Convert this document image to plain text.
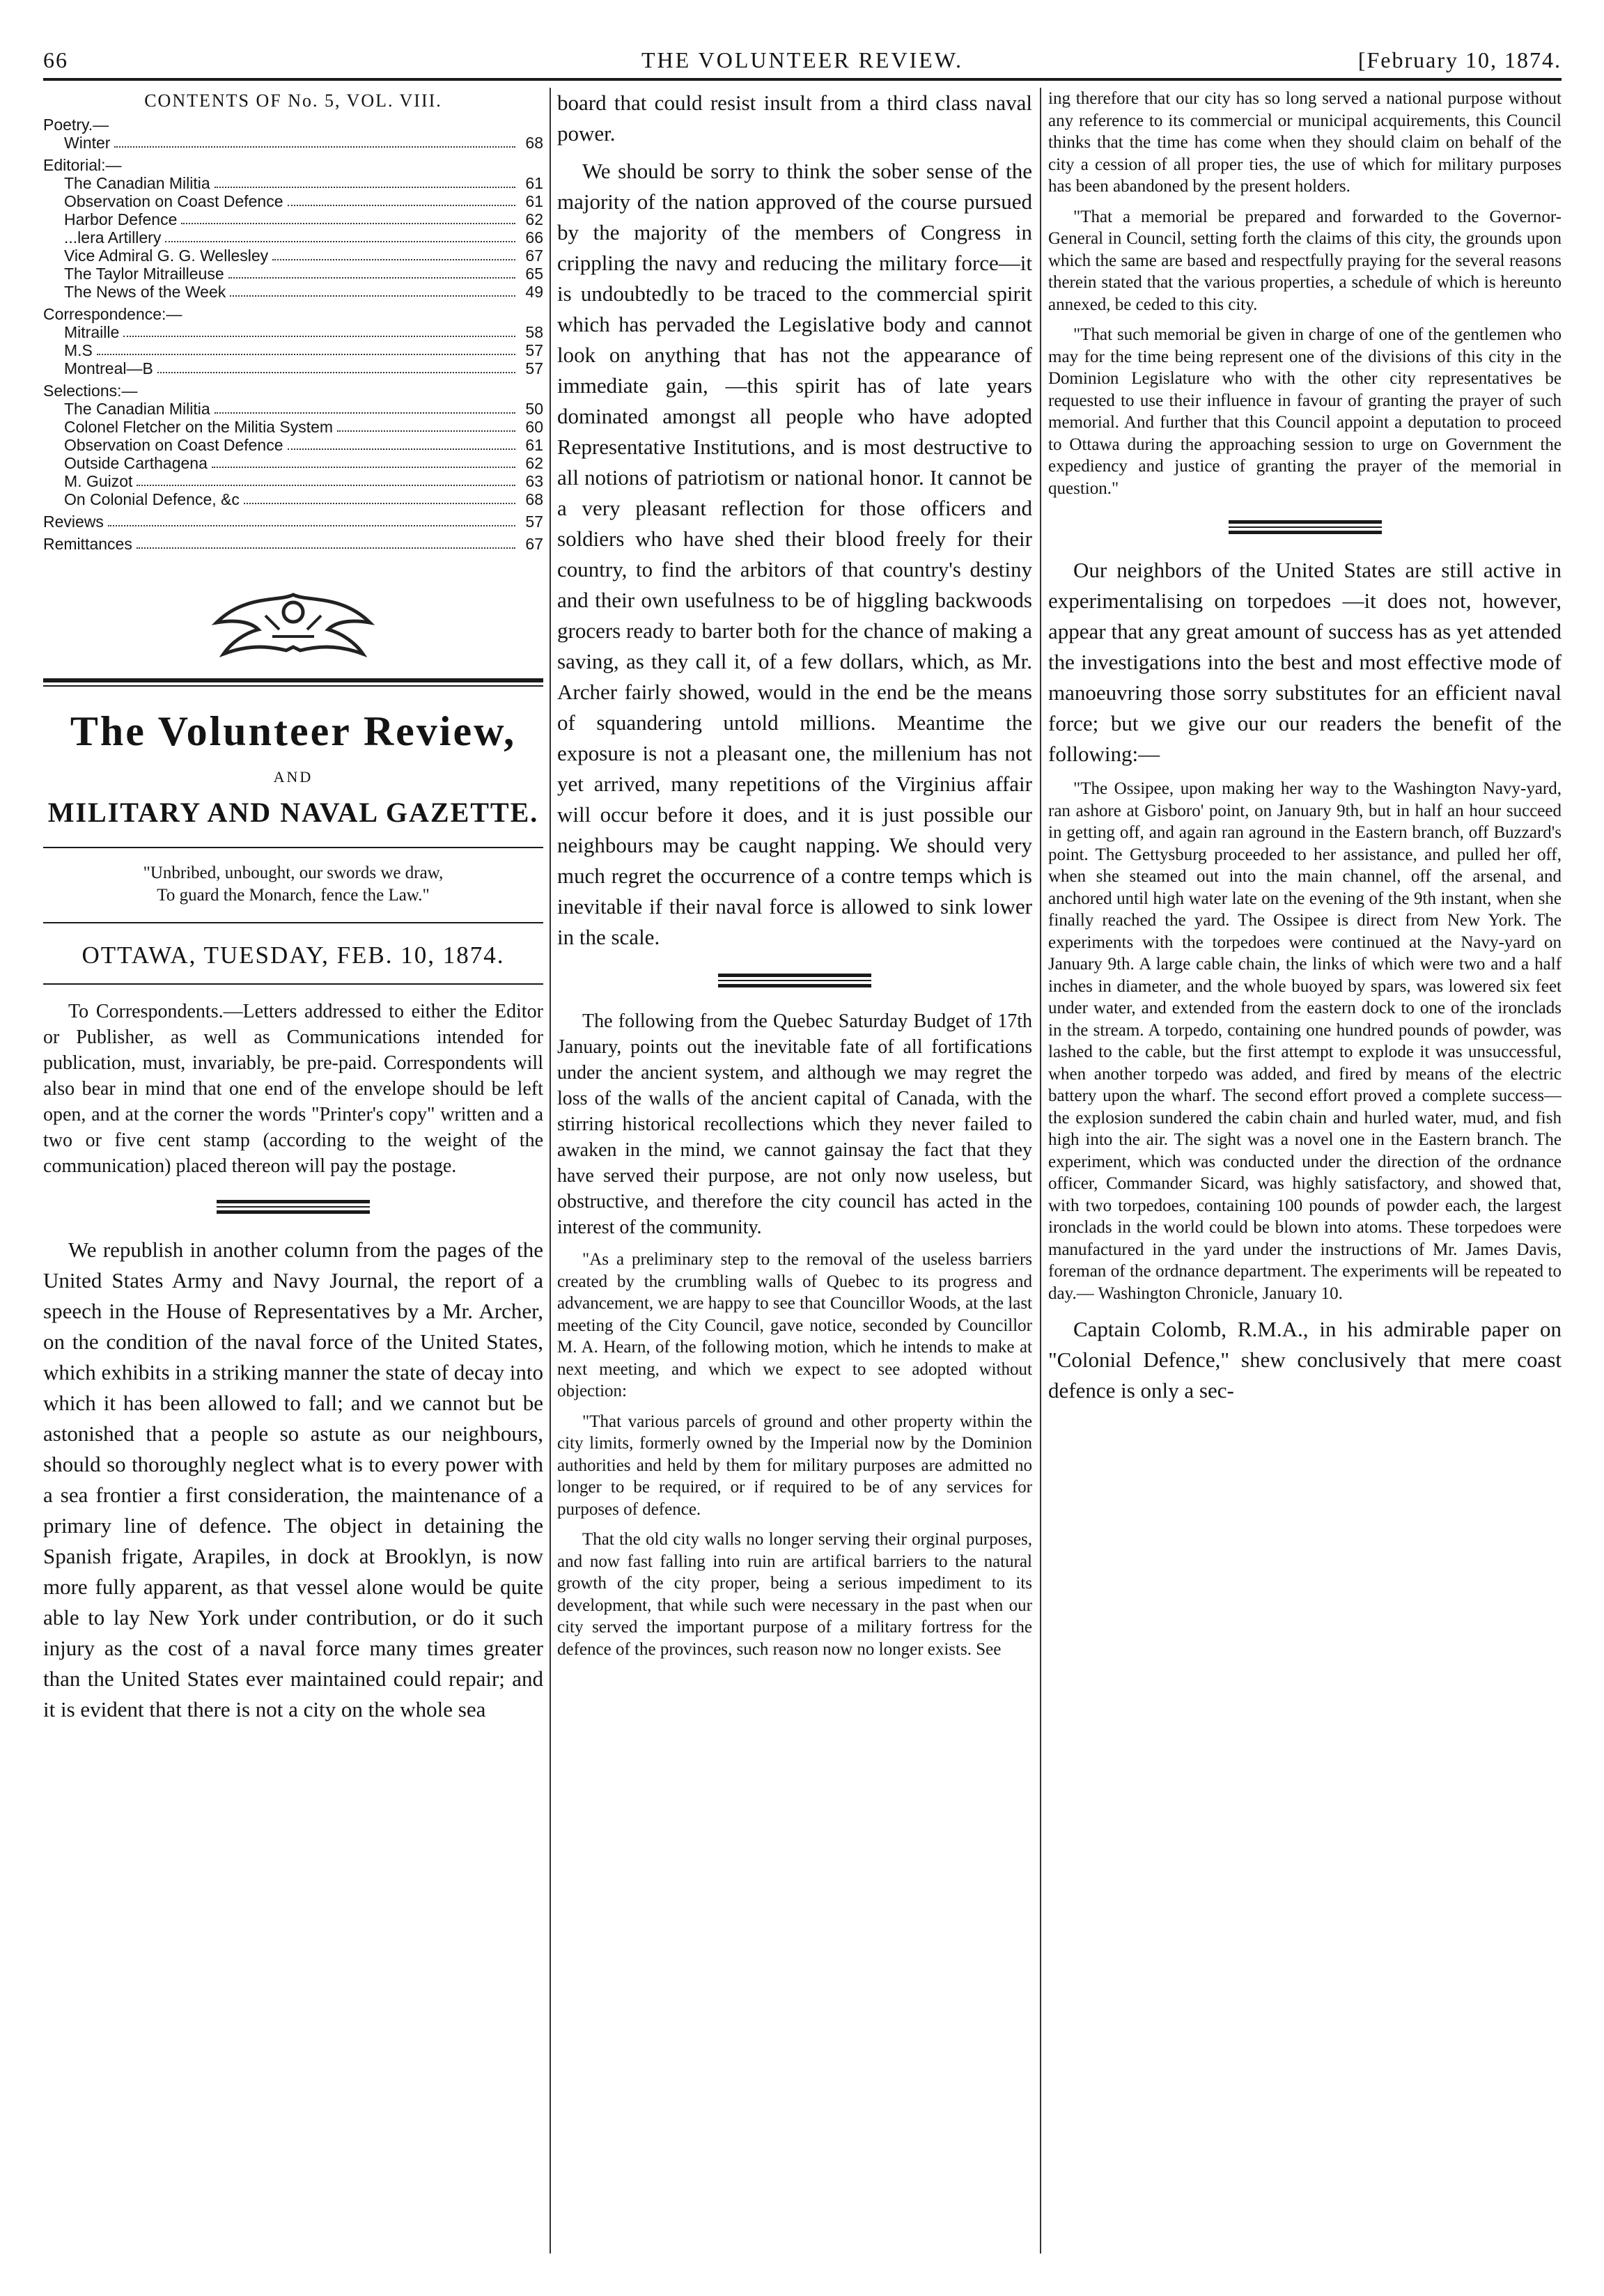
66	THE VOLUNTEER REVIEW.	[February 10, 1874.
CONTENTS OF No. 5, VOL. VIII.
Poetry.—
Winter	68
Editorial:—
The Canadian Militia	61
Observation on Coast Defence	61
Harbor Defence	62
...lera Artillery	66
Vice Admiral G. G. Wellesley	67
The Taylor Mitrailleuse	65
The News of the Week	49
Correspondence:—
Mitraille	58
M.S	57
Montreal—B	57
Selections:—
The Canadian Militia	50
Colonel Fletcher on the Militia System	60
Observation on Coast Defence	61
Outside Carthagena	62
M. Guizot	63
On Colonial Defence, &c	68
Reviews	57
Remittances	67
The Volunteer Review,
AND
MILITARY AND NAVAL GAZETTE.
"Unbribed, unbought, our swords we draw,
To guard the Monarch, fence the Law."
OTTAWA, TUESDAY, FEB. 10, 1874.

To Correspondents.—Letters addressed to either the Editor or Publisher, as well as Communications intended for publication, must, invariably, be pre-paid. Correspondents will also bear in mind that one end of the envelope should be left open, and at the corner the words "Printer's copy" written and a two or five cent stamp (according to the weight of the communication) placed thereon will pay the postage.

We republish in another column from the pages of the United States Army and Navy Journal, the report of a speech in the House of Representatives by a Mr. Archer, on the condition of the naval force of the United States, which exhibits in a striking manner the state of decay into which it has been allowed to fall; and we cannot but be astonished that a people so astute as our neighbours, should so thoroughly neglect what is to every power with a sea frontier a first consideration, the maintenance of a primary line of defence. The object in detaining the Spanish frigate, Arapiles, in dock at Brooklyn, is now more fully apparent, as that vessel alone would be quite able to lay New York under contribution, or do it such injury as the cost of a naval force many times greater than the United States ever maintained could repair; and it is evident that there is not a city on the whole sea

board that could resist insult from a third class naval power.

We should be sorry to think the sober sense of the majority of the nation approved of the course pursued by the majority of the members of Congress in crippling the navy and reducing the military force—it is undoubtedly to be traced to the commercial spirit which has pervaded the Legislative body and cannot look on anything that has not the appearance of immediate gain, —this spirit has of late years dominated amongst all people who have adopted Representative Institutions, and is most destructive to all notions of patriotism or national honor. It cannot be a very pleasant reflection for those officers and soldiers who have shed their blood freely for their country, to find the arbitors of that country's destiny and their own usefulness to be of higgling backwoods grocers ready to barter both for the chance of making a saving, as they call it, of a few dollars, which, as Mr. Archer fairly showed, would in the end be the means of squandering untold millions. Meantime the exposure is not a pleasant one, the millenium has not yet arrived, many repetitions of the Virginius affair will occur before it does, and it is just possible our neighbours may be caught napping. We should very much regret the occurrence of a contre temps which is inevitable if their naval force is allowed to sink lower in the scale.

The following from the Quebec Saturday Budget of 17th January, points out the inevitable fate of all fortifications under the ancient system, and although we may regret the loss of the walls of the ancient capital of Canada, with the stirring historical recollections which they never failed to awaken in the mind, we cannot gainsay the fact that they have served their purpose, are not only now useless, but obstructive, and therefore the city council has acted in the interest of the community.

"As a preliminary step to the removal of the useless barriers created by the crumbling walls of Quebec to its progress and advancement, we are happy to see that Councillor Woods, at the last meeting of the City Council, gave notice, seconded by Councillor M. A. Hearn, of the following motion, which he intends to make at next meeting, and which we expect to see adopted without objection:

"That various parcels of ground and other property within the city limits, formerly owned by the Imperial now by the Dominion authorities and held by them for military purposes are admitted no longer to be required, or if required to be of any services for purposes of defence.

That the old city walls no longer serving their orginal purposes, and now fast falling into ruin are artifical barriers to the natural growth of the city proper, being a serious impediment to its development, that while such were necessary in the past when our city served the important purpose of a military fortress for the defence of the provinces, such reason now no longer exists. See

ing therefore that our city has so long served a national purpose without any reference to its commercial or municipal acquirements, this Council thinks that the time has come when they should claim on behalf of the city a cession of all proper ties, the use of which for military purposes has been abandoned by the present holders.

"That a memorial be prepared and forwarded to the Governor-General in Council, setting forth the claims of this city, the grounds upon which the same are based and respectfully praying for the several reasons therein stated that the various properties, a schedule of which is hereunto annexed, be ceded to this city.

"That such memorial be given in charge of one of the gentlemen who may for the time being represent one of the divisions of this city in the Dominion Legislature who with the other city representatives be requested to use their influence in favour of granting the prayer of such memorial. And further that this Council appoint a deputation to proceed to Ottawa during the approaching session to urge on Government the expediency and justice of granting the prayer of the memorial in question."

Our neighbors of the United States are still active in experimentalising on torpedoes —it does not, however, appear that any great amount of success has as yet attended the investigations into the best and most effective mode of manoeuvring those sorry substitutes for an efficient naval force; but we give our our readers the benefit of the following:—

"The Ossipee, upon making her way to the Washington Navy-yard, ran ashore at Gisboro' point, on January 9th, but in half an hour succeed in getting off, and again ran aground in the Eastern branch, off Buzzard's point. The Gettysburg proceeded to her assistance, and pulled her off, when she steamed out into the main channel, off the arsenal, and anchored until high water late on the evening of the 9th instant, when she finally reached the yard. The Ossipee is direct from New York. The experiments with the torpedoes were continued at the Navy-yard on January 9th. A large cable chain, the links of which were two and a half inches in diameter, and the whole buoyed by spars, was lowered six feet under water, and extended from the eastern dock to one of the ironclads in the stream. A torpedo, containing one hundred pounds of powder, was lashed to the cable, but the first attempt to explode it was unsuccessful, when another torpedo was added, and fired by means of the electric battery upon the wharf. The second effort proved a complete success—the explosion sundered the cabin chain and hurled water, mud, and fish high into the air. The sight was a novel one in the Eastern branch. The experiment, which was conducted under the direction of the ordnance officer, Commander Sicard, was highly satisfactory, and showed that, with two torpedoes, containing 100 pounds of powder each, the largest ironclads in the world could be blown into atoms. These torpedoes were manufactured in the yard under the instructions of Mr. James Davis, foreman of the ordnance department. The experiments will be repeated to day.— Washington Chronicle, January 10.

Captain Colomb, R.M.A., in his admirable paper on "Colonial Defence," shew conclusively that mere coast defence is only a sec-
